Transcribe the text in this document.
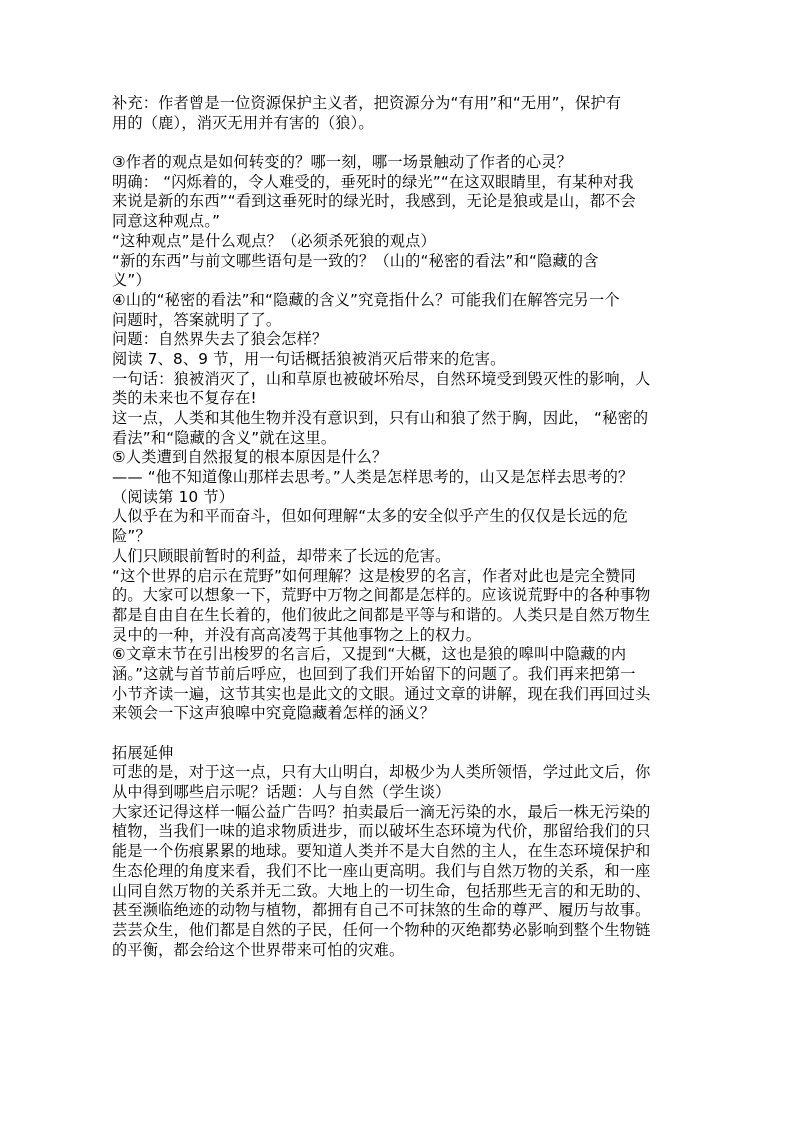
补充：作者曾是一位资源保护主义者，把资源分为“有用”和“无用”，保护有
用的（鹿），消灭无用并有害的（狼）。
③作者的观点是如何转变的？哪一刻，哪一场景触动了作者的心灵？
明确： “闪烁着的，令人难受的，垂死时的绿光”“在这双眼睛里，有某种对我
来说是新的东西”“看到这垂死时的绿光时，我感到，无论是狼或是山，都不会
同意这种观点。”
“这种观点”是什么观点？（必须杀死狼的观点）
“新的东西”与前文哪些语句是一致的？（山的“秘密的看法”和“隐藏的含
义”）
④山的“秘密的看法”和“隐藏的含义”究竟指什么？可能我们在解答完另一个
问题时，答案就明了了。
问题：自然界失去了狼会怎样？
阅读 7、8、9 节，用一句话概括狼被消灭后带来的危害。
一句话：狼被消灭了，山和草原也被破坏殆尽，自然环境受到毁灭性的影响，人
类的未来也不复存在!
这一点，人类和其他生物并没有意识到，只有山和狼了然于胸，因此， “秘密的
看法”和“隐藏的含义”就在这里。
⑤人类遭到自然报复的根本原因是什么？
—— “他不知道像山那样去思考。”人类是怎样思考的，山又是怎样去思考的？
（阅读第 10 节）
人似乎在为和平而奋斗，但如何理解“太多的安全似乎产生的仅仅是长远的危
险”？
人们只顾眼前暂时的利益，却带来了长远的危害。
“这个世界的启示在荒野”如何理解？这是梭罗的名言，作者对此也是完全赞同
的。大家可以想象一下，荒野中万物之间都是怎样的。应该说荒野中的各种事物
都是自由自在生长着的，他们彼此之间都是平等与和谐的。人类只是自然万物生
灵中的一种，并没有高高凌驾于其他事物之上的权力。
⑥文章末节在引出梭罗的名言后，又提到“大概，这也是狼的嗥叫中隐藏的内
涵。”这就与首节前后呼应，也回到了我们开始留下的问题了。我们再来把第一
小节齐读一遍，这节其实也是此文的文眼。通过文章的讲解，现在我们再回过头
来领会一下这声狼嗥中究竟隐藏着怎样的涵义？
拓展延伸
可悲的是，对于这一点，只有大山明白，却极少为人类所领悟，学过此文后，你
从中得到哪些启示呢？话题：人与自然（学生谈）
大家还记得这样一幅公益广告吗？拍卖最后一滴无污染的水，最后一株无污染的
植物，当我们一味的追求物质进步，而以破坏生态环境为代价，那留给我们的只
能是一个伤痕累累的地球。要知道人类并不是大自然的主人，在生态环境保护和
生态伦理的角度来看，我们不比一座山更高明。我们与自然万物的关系，和一座
山同自然万物的关系并无二致。大地上的一切生命，包括那些无言的和无助的、
甚至濒临绝迹的动物与植物，都拥有自己不可抹煞的生命的尊严、履历与故事。
芸芸众生，他们都是自然的子民，任何一个物种的灭绝都势必影响到整个生物链
的平衡，都会给这个世界带来可怕的灾难。
